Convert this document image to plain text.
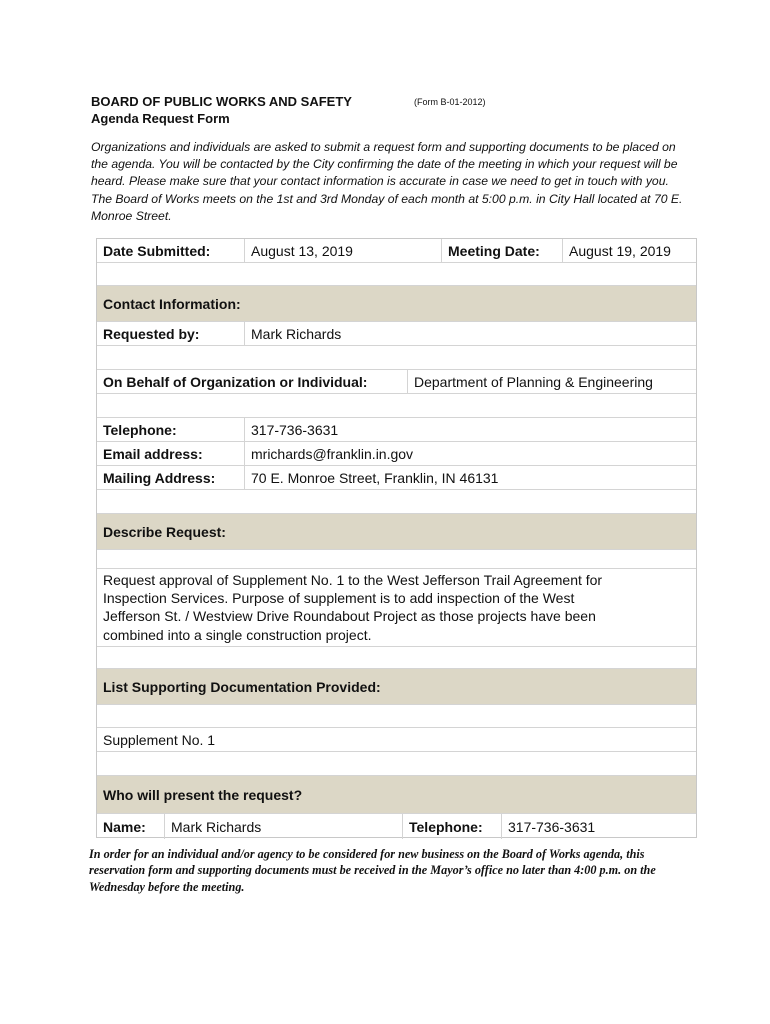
BOARD OF PUBLIC WORKS AND SAFETY	(Form B-01-2012)
Agenda Request Form
Organizations and individuals are asked to submit a request form and supporting documents to be placed on the agenda. You will be contacted by the City confirming the date of the meeting in which your request will be heard. Please make sure that your contact information is accurate in case we need to get in touch with you. The Board of Works meets on the 1st and 3rd Monday of each month at 5:00 p.m. in City Hall located at 70 E. Monroe Street.
Date Submitted:	August 13, 2019	Meeting Date:	August 19, 2019
Contact Information:
Requested by:	Mark Richards
On Behalf of Organization or Individual:	Department of Planning & Engineering
Telephone:	317-736-3631
Email address:	mrichards@franklin.in.gov
Mailing Address:	70 E. Monroe Street, Franklin, IN 46131
Describe Request:
Request approval of Supplement No. 1 to the West Jefferson Trail Agreement for
Inspection Services. Purpose of supplement is to add inspection of the West
Jefferson St. / Westview Drive Roundabout Project as those projects have been
combined into a single construction project.
List Supporting Documentation Provided:
Supplement No. 1
Who will present the request?
Name:	Mark Richards	Telephone:	317-736-3631
In order for an individual and/or agency to be considered for new business on the Board of Works agenda, this reservation form and supporting documents must be received in the Mayor’s office no later than 4:00 p.m. on the Wednesday before the meeting.
